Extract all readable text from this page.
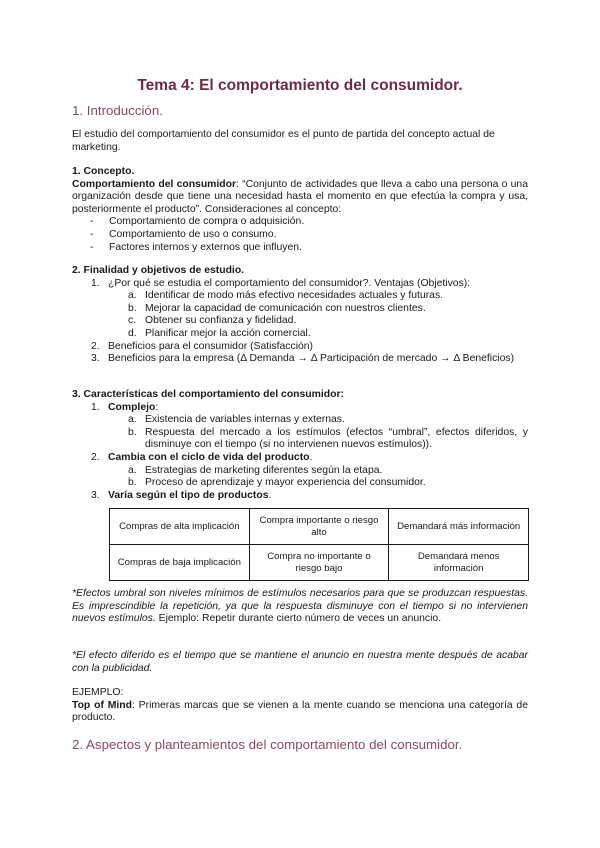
Tema 4: El comportamiento del consumidor.
1. Introducción.

El estudio del comportamiento del consumidor es el punto de partida del concepto actual de marketing.

1. Concepto.

Comportamiento del consumidor: “Conjunto de actividades que lleva a cabo una persona o una organización desde que tiene una necesidad hasta el momento en que efectúa la compra y usa, posteriormente el producto”. Consideraciones al concepto:

- Comportamiento de compra o adquisición.
- Comportamiento de uso o consumo.
- Factores internos y externos que influyen.

2. Finalidad y objetivos de estudio.

1. ¿Por qué se estudia el comportamiento del consumidor?. Ventajas (Objetivos):
a. Identificar de modo más efectivo necesidades actuales y futuras.
b. Mejorar la capacidad de comunicación con nuestros clientes.
c. Obtener su confianza y fidelidad.
d. Planificar mejor la acción comercial.
2. Beneficios para el consumidor (Satisfacción)
3. Beneficios para la empresa (Δ Demanda → Δ Participación de mercado → Δ Beneficios)

3. Características del comportamiento del consumidor:

1. Complejo:
a. Existencia de variables internas y externas.
b. Respuesta del mercado a los estímulos (efectos “umbral”, efectos diferidos, y disminuye con el tiempo (si no intervienen nuevos estímulos)).
2. Cambia con el ciclo de vida del producto.
a. Estrategias de marketing diferentes según la etapa.
b. Proceso de aprendizaje y mayor experiencia del consumidor.
3. Varía según el tipo de productos.
Compras de alta implicación	Compra importante o riesgo alto	Demandará más información
Compras de baja implicación	Compra no importante o riesgo bajo	Demandará menos información

*Efectos umbral son niveles mínimos de estímulos necesarios para que se produzcan respuestas. Es imprescindible la repetición, ya que la respuesta disminuye con el tiempo si no intervienen nuevos estímulos. Ejemplo: Repetir durante cierto número de veces un anuncio.

*El efecto diferido es el tiempo que se mantiene el anuncio en nuestra mente después de acabar con la publicidad.

EJEMPLO:

Top of Mind: Primeras marcas que se vienen a la mente cuando se menciona una categoría de producto.

2. Aspectos y planteamientos del comportamiento del consumidor.
